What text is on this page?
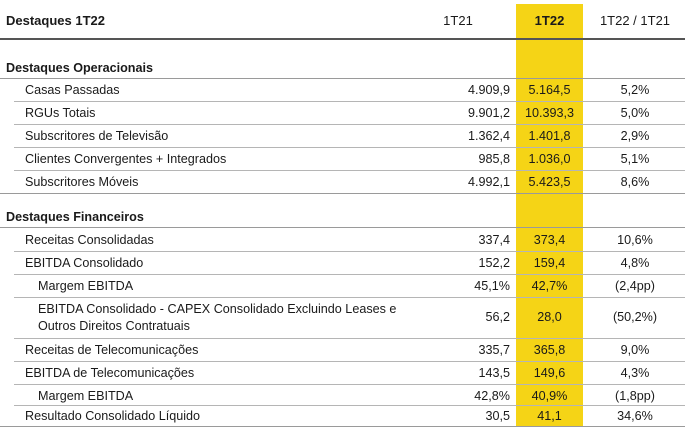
Destaques 1T22	1T21	1T22	1T22 / 1T21
Destaques Operacionais
Casas Passadas	4.909,9	5.164,5	5,2%
RGUs Totais	9.901,2	10.393,3	5,0%
Subscritores de Televisão	1.362,4	1.401,8	2,9%
Clientes Convergentes + Integrados	985,8	1.036,0	5,1%
Subscritores Móveis	4.992,1	5.423,5	8,6%
Destaques Financeiros
Receitas Consolidadas	337,4	373,4	10,6%
EBITDA Consolidado	152,2	159,4	4,8%
Margem EBITDA	45,1%	42,7%	(2,4pp)
EBITDA Consolidado - CAPEX Consolidado Excluindo Leases e
Outros Direitos Contratuais
56,2	28,0	(50,2%)
Receitas de Telecomunicações	335,7	365,8	9,0%
EBITDA de Telecomunicações	143,5	149,6	4,3%
Margem EBITDA	42,8%	40,9%	(1,8pp)
Resultado Consolidado Líquido	30,5	41,1	34,6%
